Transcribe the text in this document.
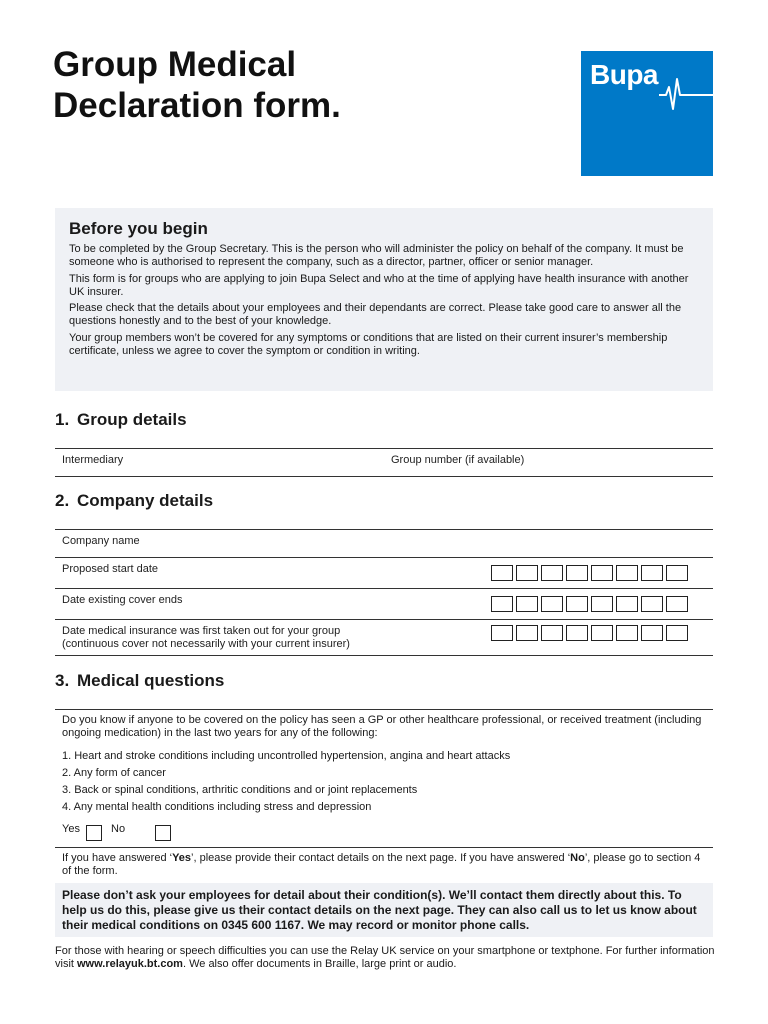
Group Medical
Declaration form.
Bupa
Before you begin

To be completed by the Group Secretary. This is the person who will administer the policy on behalf of the company. It must be someone who is authorised to represent the company, such as a director, partner, officer or senior manager.

This form is for groups who are applying to join Bupa Select and who at the time of applying have health insurance with another UK insurer.

Please check that the details about your employees and their dependants are correct. Please take good care to answer all the questions honestly and to the best of your knowledge.

Your group members won’t be covered for any symptoms or conditions that are listed on their current insurer’s membership certificate, unless we agree to cover the symptom or condition in writing.

1. Group details
Intermediary	Group number (if available)
2. Company details
Company name
Proposed start date
Date existing cover ends
Date medical insurance was first taken out for your group
(continuous cover not necessarily with your current insurer)
3. Medical questions
Do you know if anyone to be covered on the policy has seen a GP or other healthcare professional, or received treatment (including ongoing medication) in the last two years for any of the following:
1. Heart and stroke conditions including uncontrolled hypertension, angina and heart attacks
2. Any form of cancer
3. Back or spinal conditions, arthritic conditions and or joint replacements
4. Any mental health conditions including stress and depression
Yes	No
If you have answered ‘Yes’, please provide their contact details on the next page. If you have answered ‘No’, please go to section 4 of the form.
Please don’t ask your employees for detail about their condition(s). We’ll contact them directly about this. To help us do this, please give us their contact details on the next page. They can also call us to let us know about their medical conditions on 0345 600 1167. We may record or monitor phone calls.
For those with hearing or speech difficulties you can use the Relay UK service on your smartphone or textphone. For further information visit www.relayuk.bt.com. We also offer documents in Braille, large print or audio.
